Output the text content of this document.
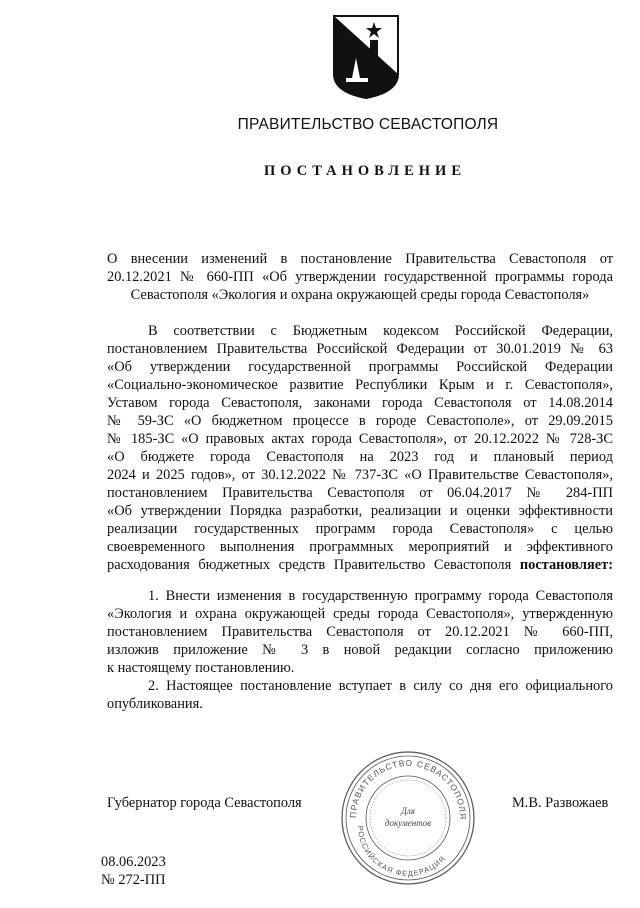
ПРАВИТЕЛЬСТВО СЕВАСТОПОЛЯ
ПОСТАНОВЛЕНИЕ
О внесении изменений в постановление Правительства Севастополя от 20.12.2021 № 660-ПП «Об утверждении государственной программы города Севастополя «Экология и охрана окружающей среды города Севастополя»
В соответствии с Бюджетным кодексом Российской Федерации,
постановлением Правительства Российской Федерации от 30.01.2019 № 63
«Об утверждении государственной программы Российской Федерации
«Социально-экономическое развитие Республики Крым и г. Севастополя»,
Уставом города Севастополя, законами города Севастополя от 14.08.2014
№ 59-ЗС «О бюджетном процессе в городе Севастополе», от 29.09.2015
№ 185-ЗС «О правовых актах города Севастополя», от 20.12.2022 № 728-ЗС
«О бюджете города Севастополя на 2023 год и плановый период
2024 и 2025 годов», от 30.12.2022 № 737-ЗС «О Правительстве Севастополя»,
постановлением Правительства Севастополя от 06.04.2017 № 284-ПП
«Об утверждении Порядка разработки, реализации и оценки эффективности
реализации государственных программ города Севастополя» с целью
своевременного выполнения программных мероприятий и эффективного
расходования бюджетных средств Правительство Севастополя постановляет:
1. Внести изменения в государственную программу города Севастополя
«Экология и охрана окружающей среды города Севастополя», утвержденную
постановлением Правительства Севастополя от 20.12.2021 № 660-ПП,
изложив приложение № 3 в новой редакции согласно приложению
к настоящему постановлению.
2. Настоящее постановление вступает в силу со дня его официального
опубликования.
ПРАВИТЕЛЬСТВО СЕВАСТОПОЛЯ
РОССИЙСКАЯ ФЕДЕРАЦИЯ
Для
документов
Губернатор города Севастополя	М.В. Развожаев
08.06.2023
№ 272-ПП
